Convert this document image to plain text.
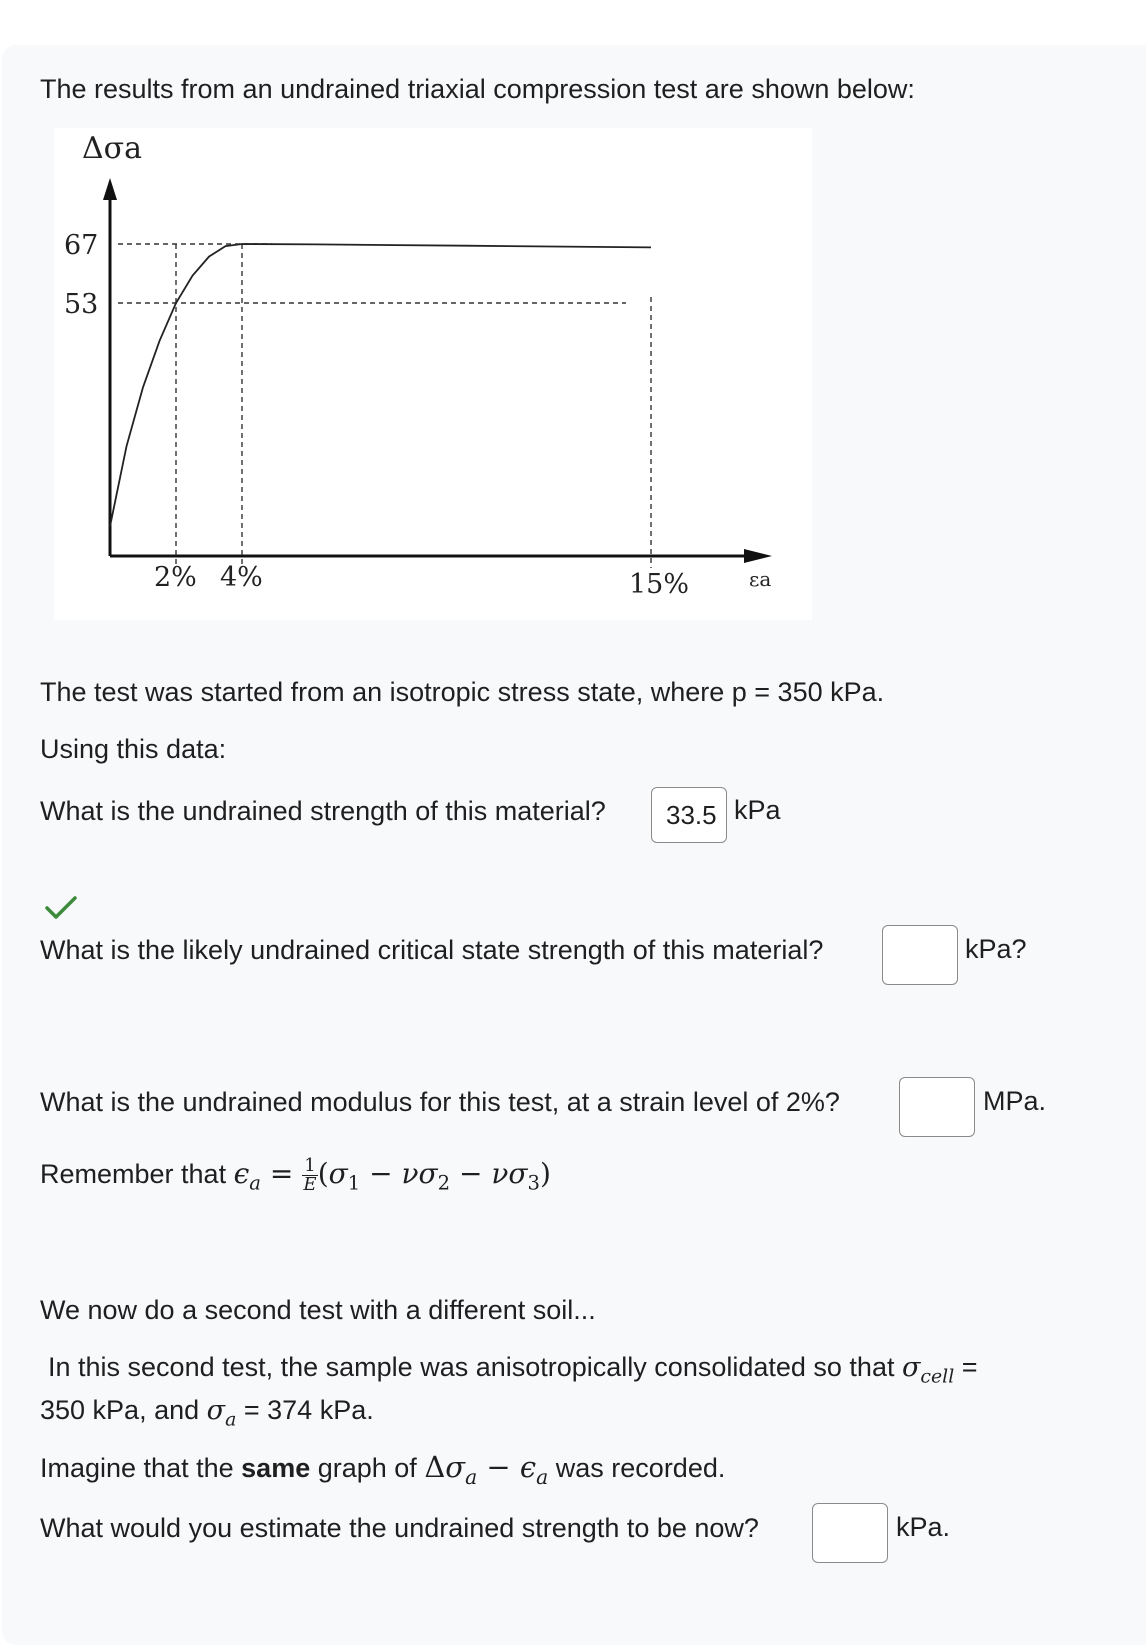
The results from an undrained triaxial compression test are shown below:
Δσa
67
53
2% 4%	15%	εa
The test was started from an isotropic stress state, where p = 350 kPa.
Using this data:
What is the undrained strength of this material?
33.5	kPa
What is the likely undrained critical state strength of this material?	kPa?
What is the undrained modulus for this test, at a strain level of 2%?	MPa.
Remember that $\epsilon_a = \frac{1}{E} (\sigma_1 - \nu\sigma_2 - \nu\sigma_3)$
We now do a second test with a different soil...
In this second test, the sample was anisotropically consolidated so that $\sigma_{cell}$ =
350 kPa, and $\sigma_a = 374$ kPa.
Imagine that the same graph of $\Delta\sigma_a - \epsilon_a$ was recorded.
What would you estimate the undrained strength to be now?	kPa.
